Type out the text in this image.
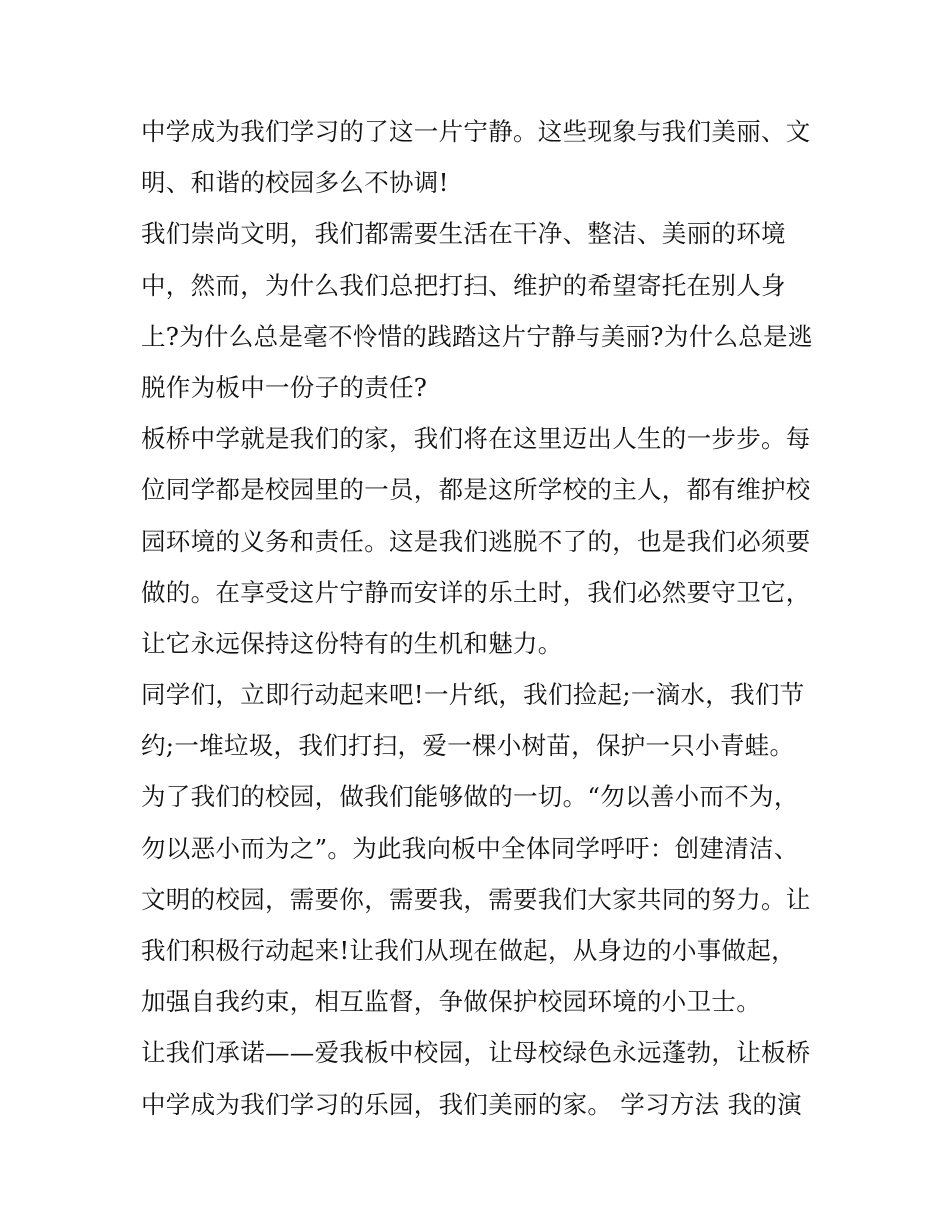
中学成为我们学习的了这一片宁静。这些现象与我们美丽、文
明、和谐的校园多么不协调!
我们崇尚文明，我们都需要生活在干净、整洁、美丽的环境
中，然而，为什么我们总把打扫、维护的希望寄托在别人身
上?为什么总是毫不怜惜的践踏这片宁静与美丽?为什么总是逃
脱作为板中一份子的责任?
板桥中学就是我们的家，我们将在这里迈出人生的一步步。每
位同学都是校园里的一员，都是这所学校的主人，都有维护校
园环境的义务和责任。这是我们逃脱不了的，也是我们必须要
做的。在享受这片宁静而安详的乐土时，我们必然要守卫它，
让它永远保持这份特有的生机和魅力。
同学们，立即行动起来吧!一片纸，我们捡起;一滴水，我们节
约;一堆垃圾，我们打扫，爱一棵小树苗，保护一只小青蛙。
为了我们的校园，做我们能够做的一切。“勿以善小而不为，
勿以恶小而为之”。为此我向板中全体同学呼吁：创建清洁、
文明的校园，需要你，需要我，需要我们大家共同的努力。让
我们积极行动起来!让我们从现在做起，从身边的小事做起，
加强自我约束，相互监督，争做保护校园环境的小卫士。
让我们承诺——爱我板中校园，让母校绿色永远蓬勃，让板桥
中学成为我们学习的乐园，我们美丽的家。 学习方法 我的演
